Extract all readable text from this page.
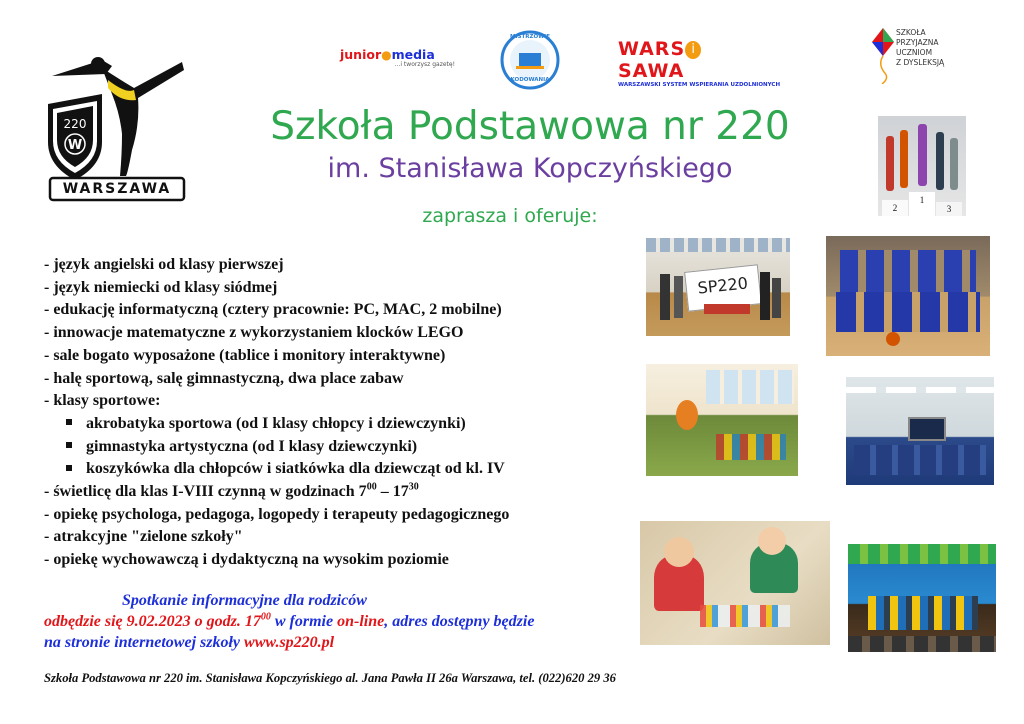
220
W
WARSZAWA
junior●media
...i tworzysz gazetę!
MISTRZOWIE
KODOWANIA
WARS iSAWA
WARSZAWSKI SYSTEM WSPIERANIA UZDOLNIONYCH
SZKOŁA
PRZYJAZNA
UCZNIOM
Z DYSLEKSJĄ
Szkoła Podstawowa nr 220
im. Stanisława Kopczyńskiego
zaprasza i oferuje:
- język angielski od klasy pierwszej
- język niemiecki od klasy siódmej
- edukację informatyczną (cztery pracownie: PC, MAC, 2 mobilne)
- innowacje matematyczne z wykorzystaniem klocków LEGO
- sale bogato wyposażone (tablice i monitory interaktywne)
- halę sportową, salę gimnastyczną, dwa place zabaw
- klasy sportowe:
akrobatyka sportowa (od I klasy chłopcy i dziewczynki)
gimnastyka artystyczna (od I klasy dziewczynki)
koszykówka dla chłopców i siatkówka dla dziewcząt od kl. IV
- świetlicę dla klas I-VIII czynną w godzinach $7^{00} - 17^{30}$
- opiekę psychologa, pedagoga, logopedy i terapeuty pedagogicznego
- atrakcyjne "zielone szkoły"
- opiekę wychowawczą i dydaktyczną na wysokim poziomie
Spotkanie informacyjne dla rodziców
odbędzie się 9.02.2023 o godz. $17^{00}$ w formie on-line, adres dostępny będzie
na stronie internetowej szkoły www.sp220.pl
Szkoła Podstawowa nr 220 im. Stanisława Kopczyńskiego al. Jana Pawła II 26a Warszawa, tel. (022)620 29 36
2
1
3
SP220
